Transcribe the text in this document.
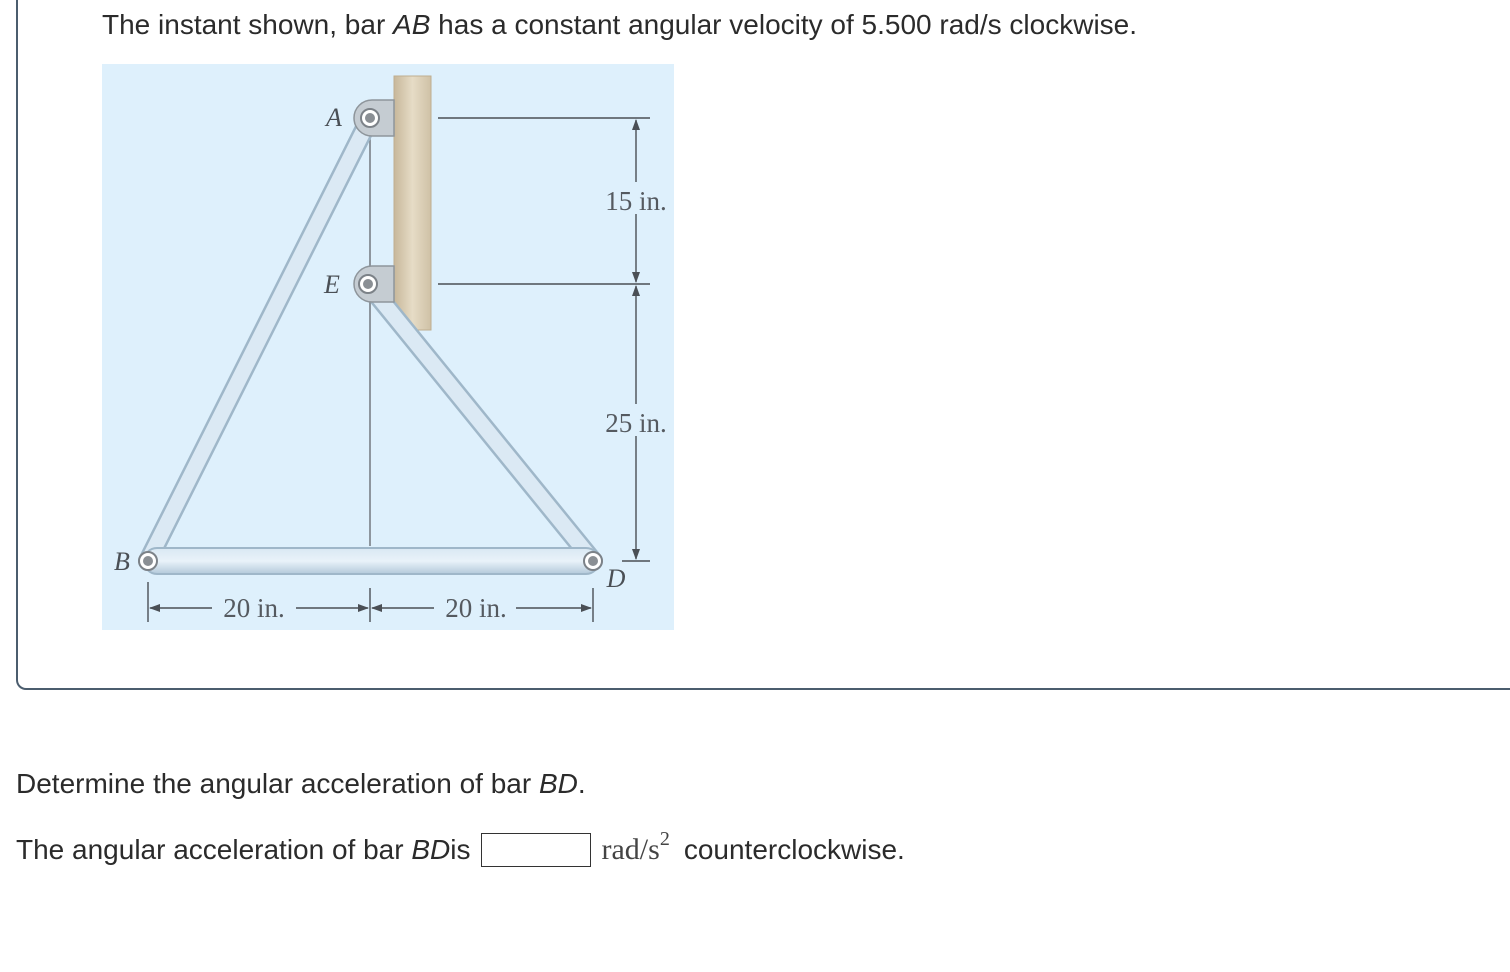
The instant shown, bar AB has a constant angular velocity of 5.500 rad/s clockwise.
15 in.
25 in.
20 in.	20 in.
A
E
B
D
Determine the angular acceleration of bar BD.
The angular acceleration of bar
BD is	rad/$s^2$ counterclockwise.
